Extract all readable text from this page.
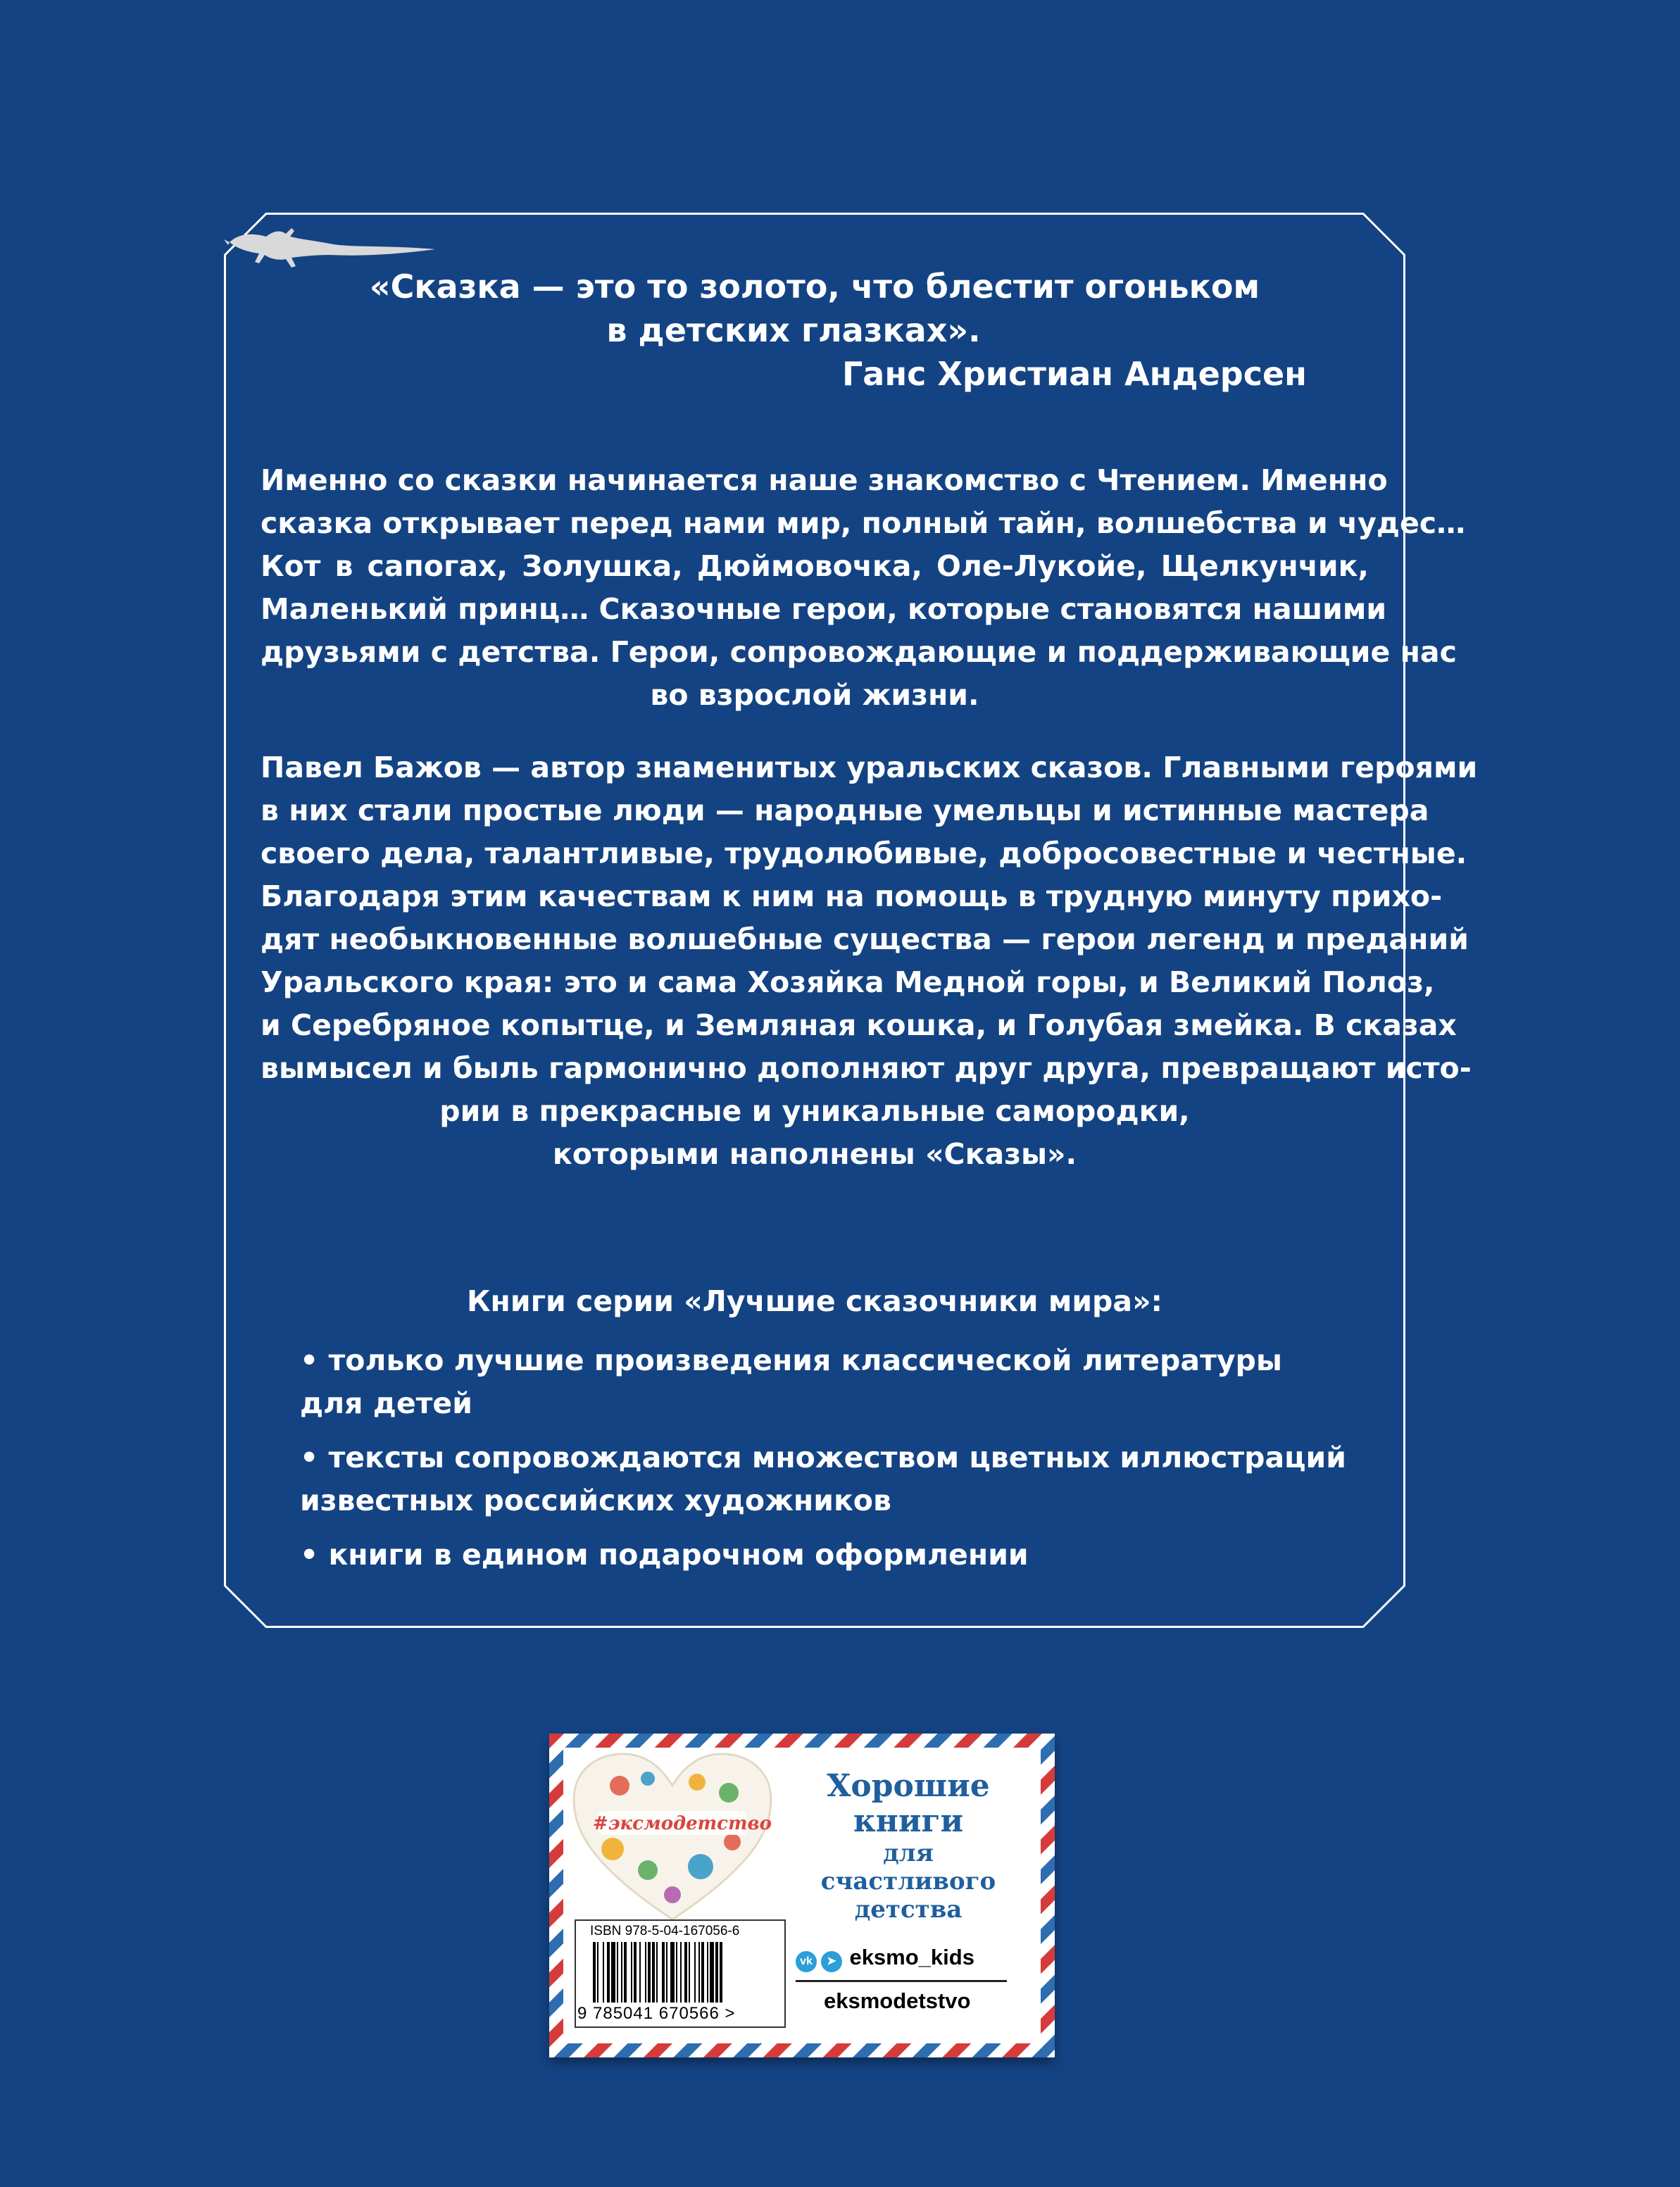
«Сказка — это то золото, что блестит огоньком
в детских глазках».
Ганс Христиан Андерсен
Именно со сказки начинается наше знакомство с Чтением. Именно
сказка открывает перед нами мир, полный тайн, волшебства и чудес…
Кот в сапогах, Золушка, Дюймовочка, Оле-Лукойе, Щелкунчик,
Маленький принц… Сказочные герои, которые становятся нашими
друзьями с детства. Герои, сопровождающие и поддерживающие нас
во взрослой жизни.
Павел Бажов — автор знаменитых уральских сказов. Главными героями
в них стали простые люди — народные умельцы и истинные мастера
своего дела, талантливые, трудолюбивые, добросовестные и честные.
Благодаря этим качествам к ним на помощь в трудную минуту прихо-
дят необыкновенные волшебные существа — герои легенд и преданий
Уральского края: это и сама Хозяйка Медной горы, и Великий Полоз,
и Серебряное копытце, и Земляная кошка, и Голубая змейка. В сказах
вымысел и быль гармонично дополняют друг друга, превращают исто-
рии в прекрасные и уникальные самородки,
которыми наполнены «Сказы».
Книги серии «Лучшие сказочники мира»:
• только лучшие произведения классической литературы
для детей
• тексты сопровождаются множеством цветных иллюстраций
известных российских художников
• книги в едином подарочном оформлении
#эксмодетство
Хорошие
книги
для счастливого
детства
ISBN 978-5-04-167056-6
9 785041 670566 >
vk ➤ eksmo_kids
eksmodetstvo
